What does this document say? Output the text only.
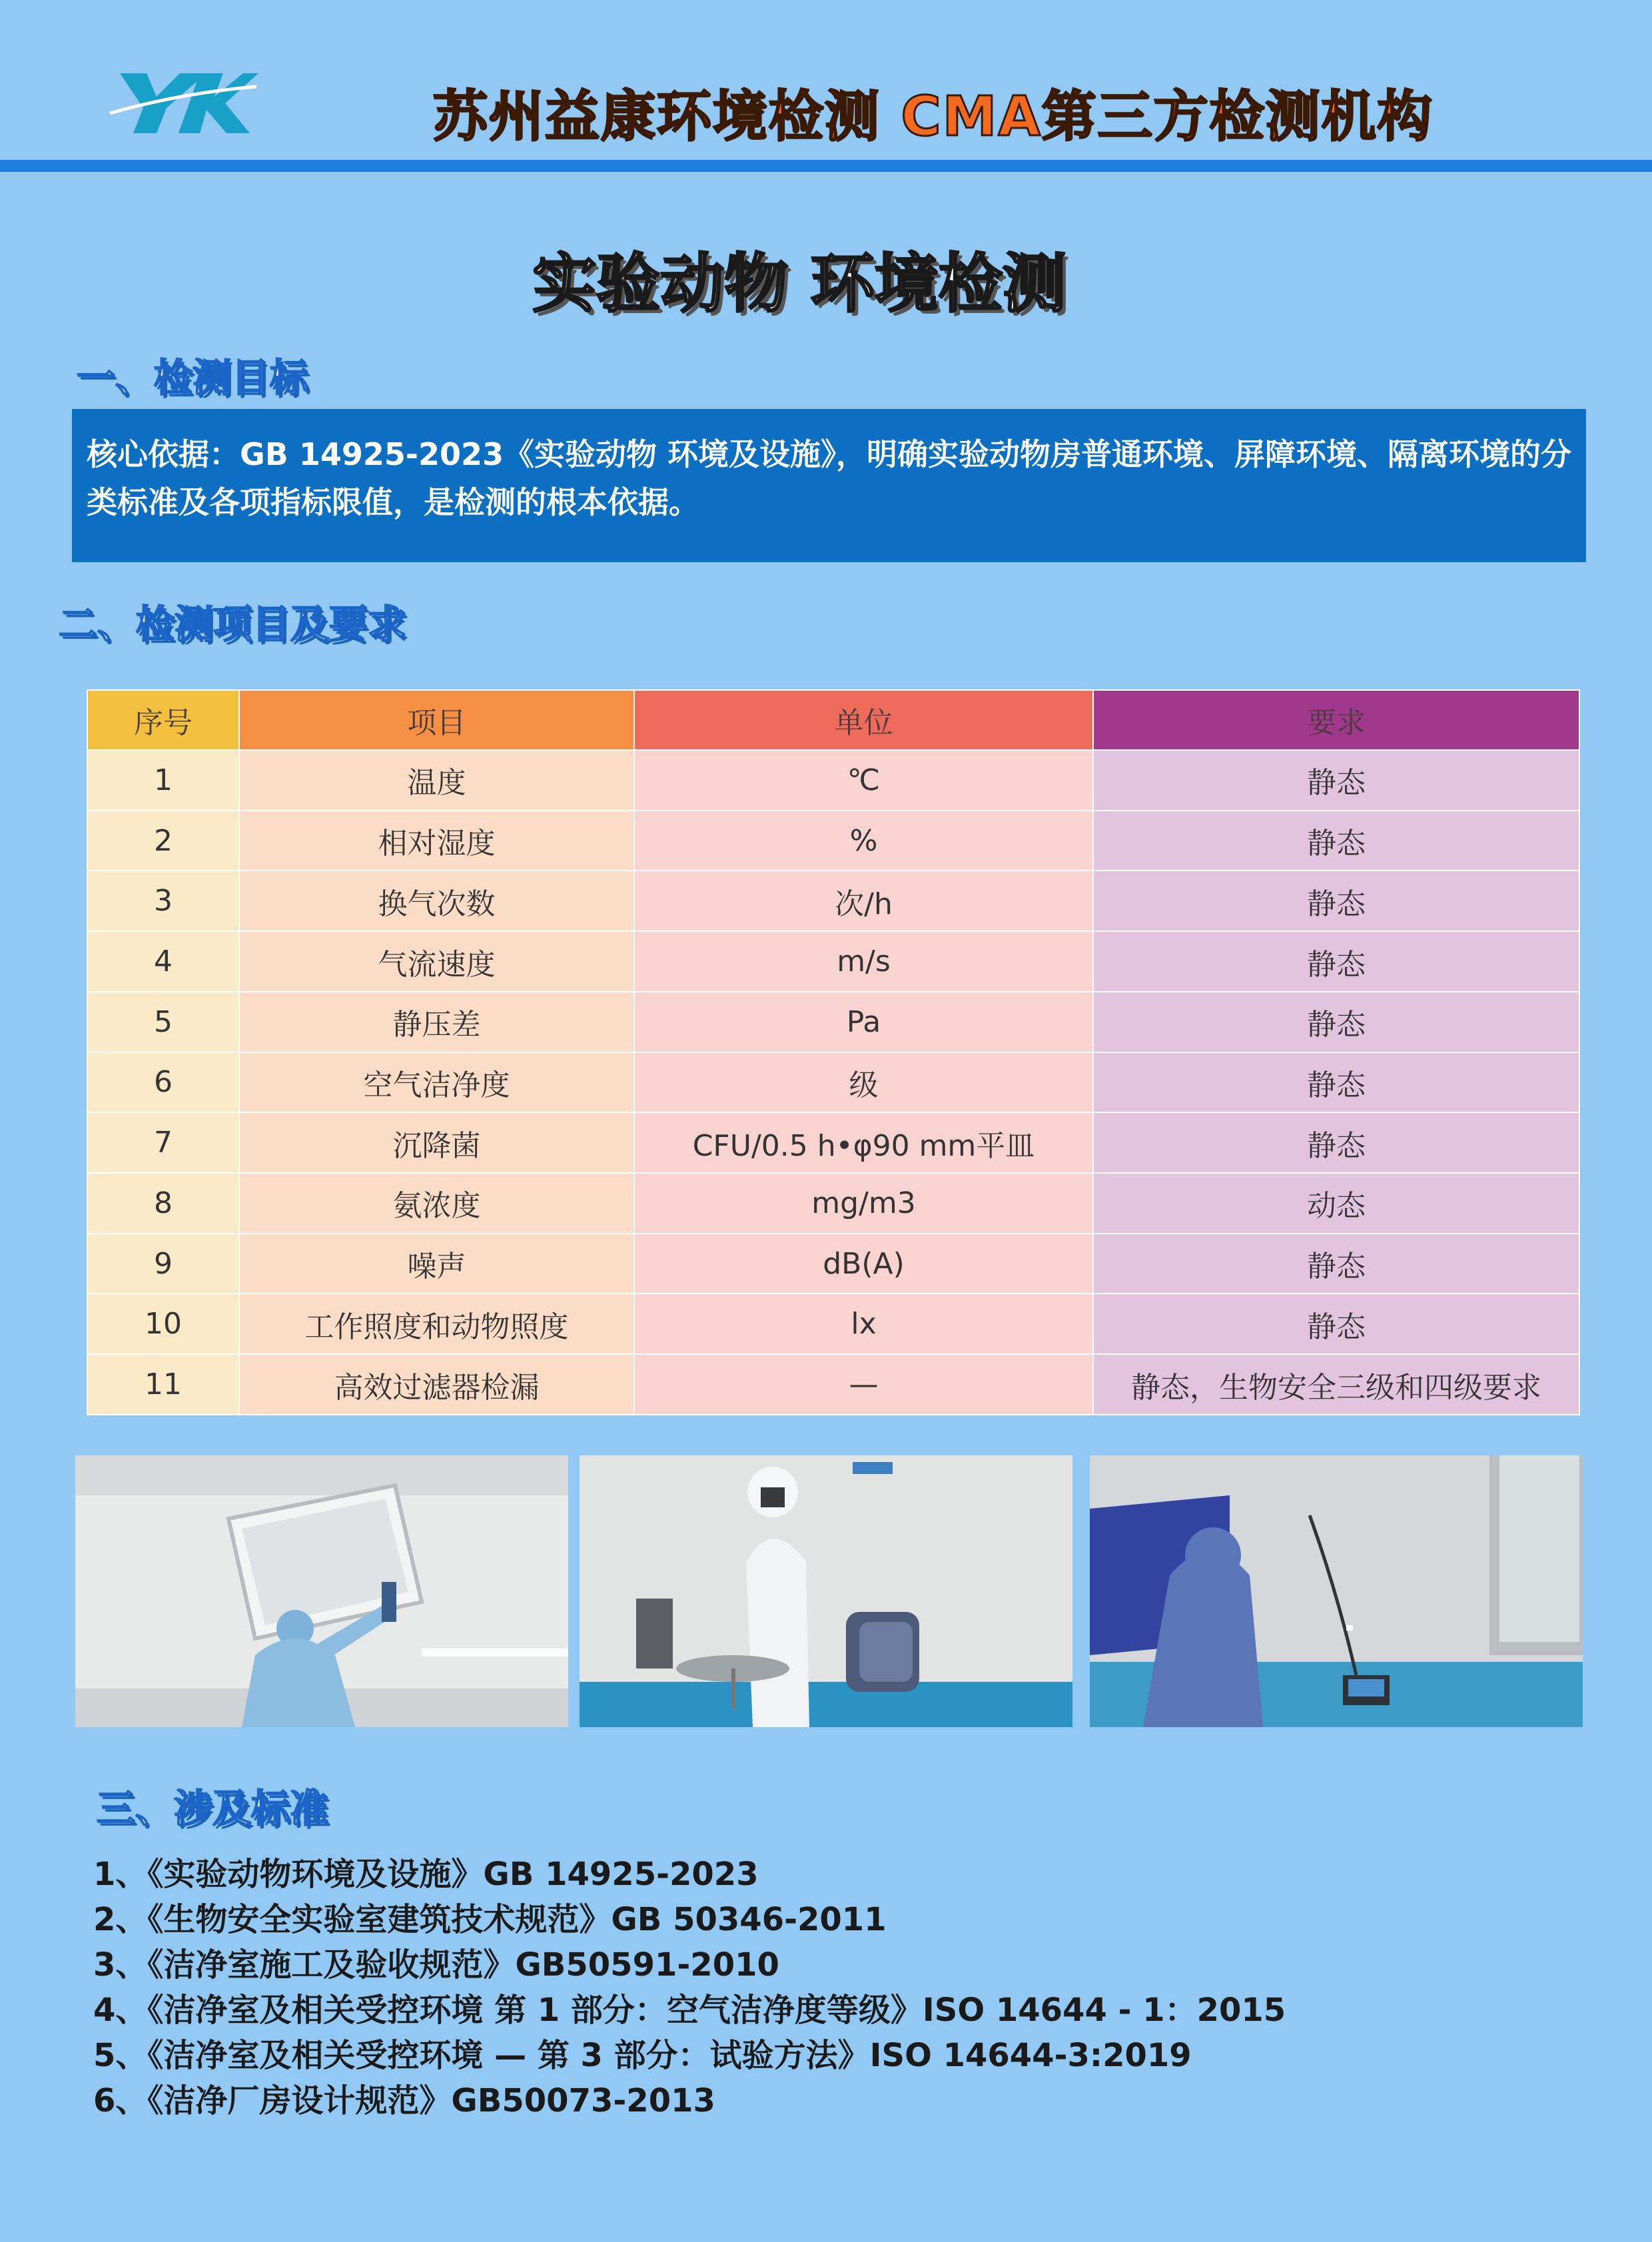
苏州益康环境检测 CMA第三方检测机构
实验动物 环境检测
一、检测目标
核心依据：GB 14925-2023《实验动物 环境及设施》，明确实验动物房普通环境、屏障环境、隔离环境的分类标准及各项指标限值，是检测的根本依据。
二、检测项目及要求
序号	项目	单位	要求
1	温度	℃	静态
2	相对湿度	%	静态
3	换气次数	次/h	静态
4	气流速度	m/s	静态
5	静压差	Pa	静态
6	空气洁净度	级	静态
7	沉降菌	CFU/0.5 h•φ90 mm平皿	静态
8	氨浓度	mg/m3	动态
9	噪声	dB(A)	静态
10	工作照度和动物照度	lx	静态
11	高效过滤器检漏	—	静态，生物安全三级和四级要求
三、涉及标准
1、《实验动物环境及设施》GB 14925-2023
2、《生物安全实验室建筑技术规范》GB 50346-2011
3、《洁净室施工及验收规范》GB50591-2010
4、《洁净室及相关受控环境 第 1 部分：空气洁净度等级》ISO 14644 - 1：2015
5、《洁净室及相关受控环境 — 第 3 部分：试验方法》ISO 14644-3:2019
6、《洁净厂房设计规范》GB50073-2013
